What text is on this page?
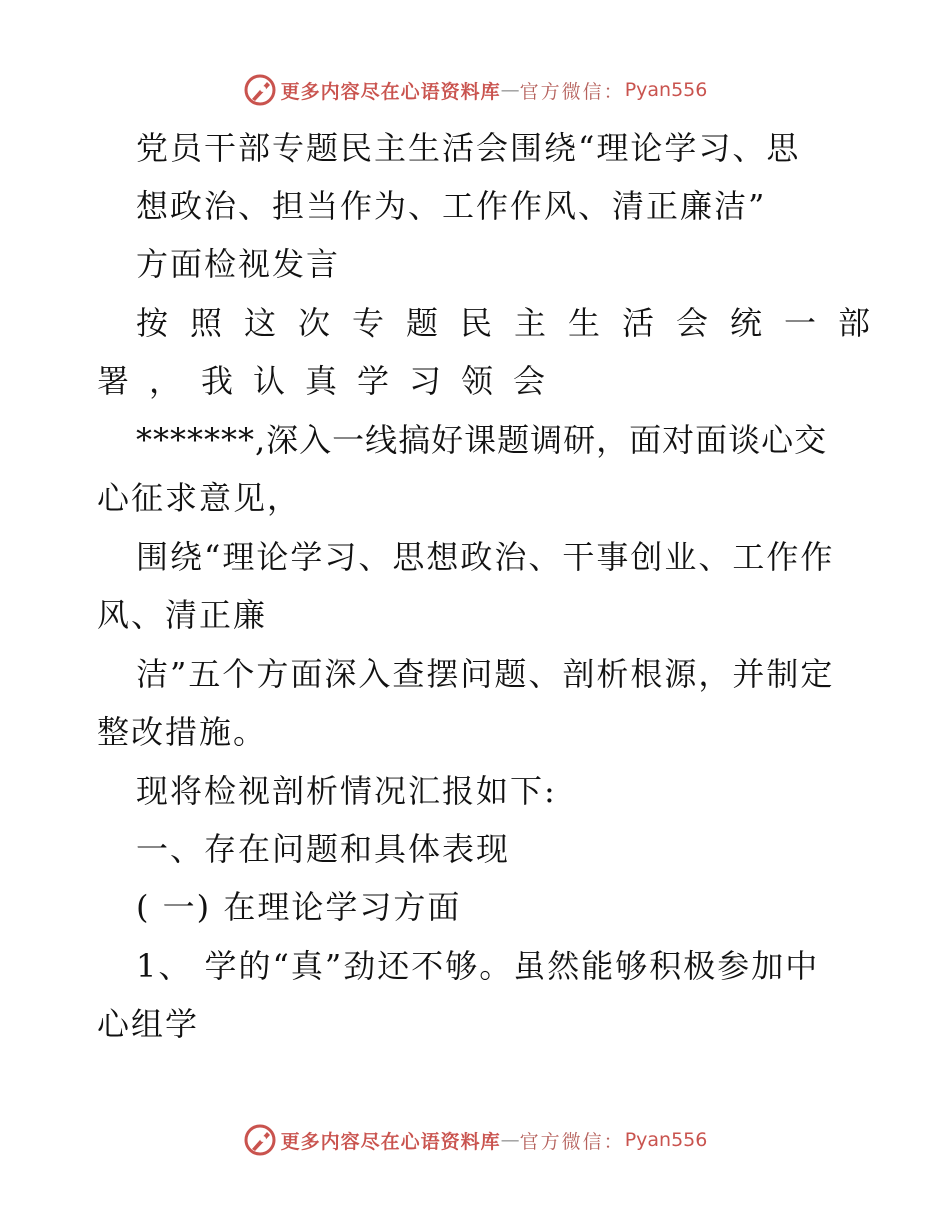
更多内容尽在心语资料库 — 官方微信： Pyan556
党员干部专题民主生活会围绕“理论学习、思
想政治、担当作为、工作作风、清正廉洁”
方面检视发言
按照这次专题民主生活会统一部
署，我认真学习领会
*******,深入一线搞好课题调研，面对面谈心交
心征求意见，
围绕“理论学习、思想政治、干事创业、工作作
风、清正廉
洁”五个方面深入查摆问题、剖析根源，并制定
整改措施。
现将检视剖析情况汇报如下:
一、存在问题和具体表现
( 一) 在理论学习方面
1、 学的“真”劲还不够。虽然能够积极参加中
心组学
更多内容尽在心语资料库 — 官方微信： Pyan556
